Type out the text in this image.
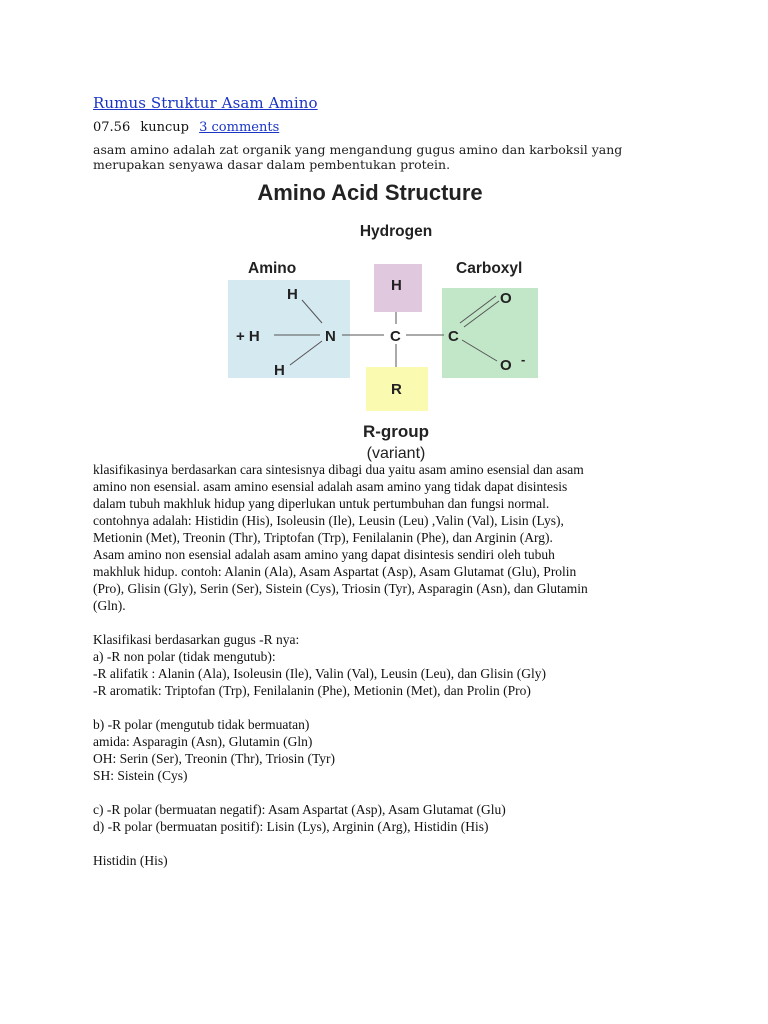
Rumus Struktur Asam Amino
07.56 kuncup 3 comments

asam amino adalah zat organik yang mengandung gugus amino dan karboksil yang

merupakan senyawa dasar dalam pembentukan protein.

Amino Acid Structure
Hydrogen
Amino	Carboxyl
H
+ H
H
N
H
C
R
C
O
O -
R-group
(variant)

klasifikasinya berdasarkan cara sintesisnya dibagi dua yaitu asam amino esensial dan asam

amino non esensial. asam amino esensial adalah asam amino yang tidak dapat disintesis

dalam tubuh makhluk hidup yang diperlukan untuk pertumbuhan dan fungsi normal.

contohnya adalah: Histidin (His), Isoleusin (Ile), Leusin (Leu) ,Valin (Val), Lisin (Lys),

Metionin (Met), Treonin (Thr), Triptofan (Trp), Fenilalanin (Phe), dan Arginin (Arg).

Asam amino non esensial adalah asam amino yang dapat disintesis sendiri oleh tubuh

makhluk hidup. contoh: Alanin (Ala), Asam Aspartat (Asp), Asam Glutamat (Glu), Prolin

(Pro), Glisin (Gly), Serin (Ser), Sistein (Cys), Triosin (Tyr), Asparagin (Asn), dan Glutamin

(Gln).

Klasifikasi berdasarkan gugus -R nya:

a) -R non polar (tidak mengutub):

-R alifatik : Alanin (Ala), Isoleusin (Ile), Valin (Val), Leusin (Leu), dan Glisin (Gly)

-R aromatik: Triptofan (Trp), Fenilalanin (Phe), Metionin (Met), dan Prolin (Pro)

b) -R polar (mengutub tidak bermuatan)

amida: Asparagin (Asn), Glutamin (Gln)

OH: Serin (Ser), Treonin (Thr), Triosin (Tyr)

SH: Sistein (Cys)

c) -R polar (bermuatan negatif): Asam Aspartat (Asp), Asam Glutamat (Glu)

d) -R polar (bermuatan positif): Lisin (Lys), Arginin (Arg), Histidin (His)

Histidin (His)
